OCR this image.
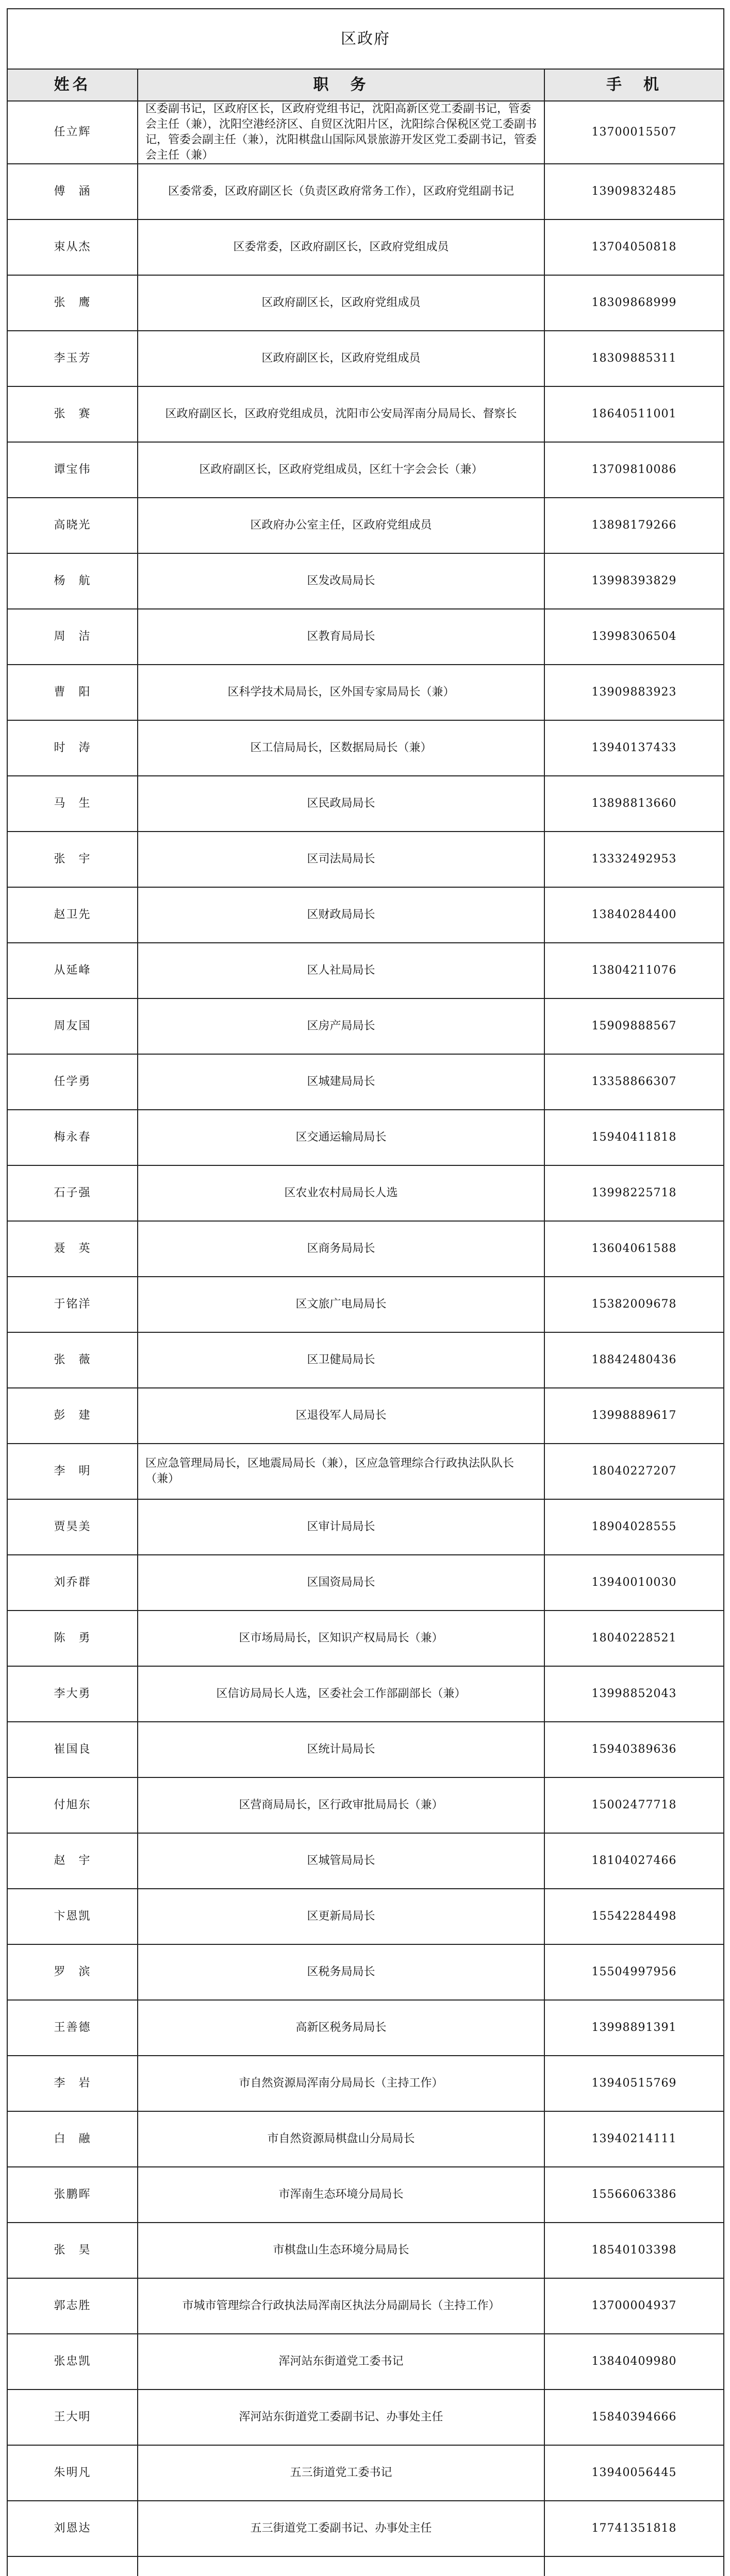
区政府		
姓名	职　务	手　机
任立辉	区委副书记，区政府区长，区政府党组书记，沈阳高新区党工委副书记，管委会主任（兼），沈阳空港经济区、自贸区沈阳片区，沈阳综合保税区党工委副书记，管委会副主任（兼），沈阳棋盘山国际风景旅游开发区党工委副书记，管委会主任（兼）	13700015507
傅　涵	区委常委，区政府副区长（负责区政府常务工作），区政府党组副书记	13909832485
束从杰	区委常委，区政府副区长，区政府党组成员	13704050818
张　鹰	区政府副区长，区政府党组成员	18309868999
李玉芳	区政府副区长，区政府党组成员	18309885311
张　赛	区政府副区长，区政府党组成员，沈阳市公安局浑南分局局长、督察长	18640511001
谭宝伟	区政府副区长，区政府党组成员，区红十字会会长（兼）	13709810086
高晓光	区政府办公室主任，区政府党组成员	13898179266
杨　航	区发改局局长	13998393829
周　洁	区教育局局长	13998306504
曹　阳	区科学技术局局长，区外国专家局局长（兼）	13909883923
时　涛	区工信局局长，区数据局局长（兼）	13940137433
马　生	区民政局局长	13898813660
张　宇	区司法局局长	13332492953
赵卫先	区财政局局长	13840284400
从延峰	区人社局局长	13804211076
周友国	区房产局局长	15909888567
任学勇	区城建局局长	13358866307
梅永春	区交通运输局局长	15940411818
石子强	区农业农村局局长人选	13998225718
聂　英	区商务局局长	13604061588
于铭洋	区文旅广电局局长	15382009678
张　薇	区卫健局局长	18842480436
彭　建	区退役军人局局长	13998889617
李　明	区应急管理局局长，区地震局局长（兼），区应急管理综合行政执法队队长（兼）	18040227207
贾昊美	区审计局局长	18904028555
刘乔群	区国资局局长	13940010030
陈　勇	区市场局局长，区知识产权局局长（兼）	18040228521
李大勇	区信访局局长人选，区委社会工作部副部长（兼）	13998852043
崔国良	区统计局局长	15940389636
付旭东	区营商局局长，区行政审批局局长（兼）	15002477718
赵　宇	区城管局局长	18104027466
卞恩凯	区更新局局长	15542284498
罗　滨	区税务局局长	15504997956
王善德	高新区税务局局长	13998891391
李　岩	市自然资源局浑南分局局长（主持工作）	13940515769
白　融	市自然资源局棋盘山分局局长	13940214111
张鹏晖	市浑南生态环境分局局长	15566063386
张　昊	市棋盘山生态环境分局局长	18540103398
郭志胜	市城市管理综合行政执法局浑南区执法分局副局长（主持工作）	13700004937
张忠凯	浑河站东街道党工委书记	13840409980
王大明	浑河站东街道党工委副书记、办事处主任	15840394666
朱明凡	五三街道党工委书记	13940056445
刘恩达	五三街道党工委副书记、办事处主任	17741351818
